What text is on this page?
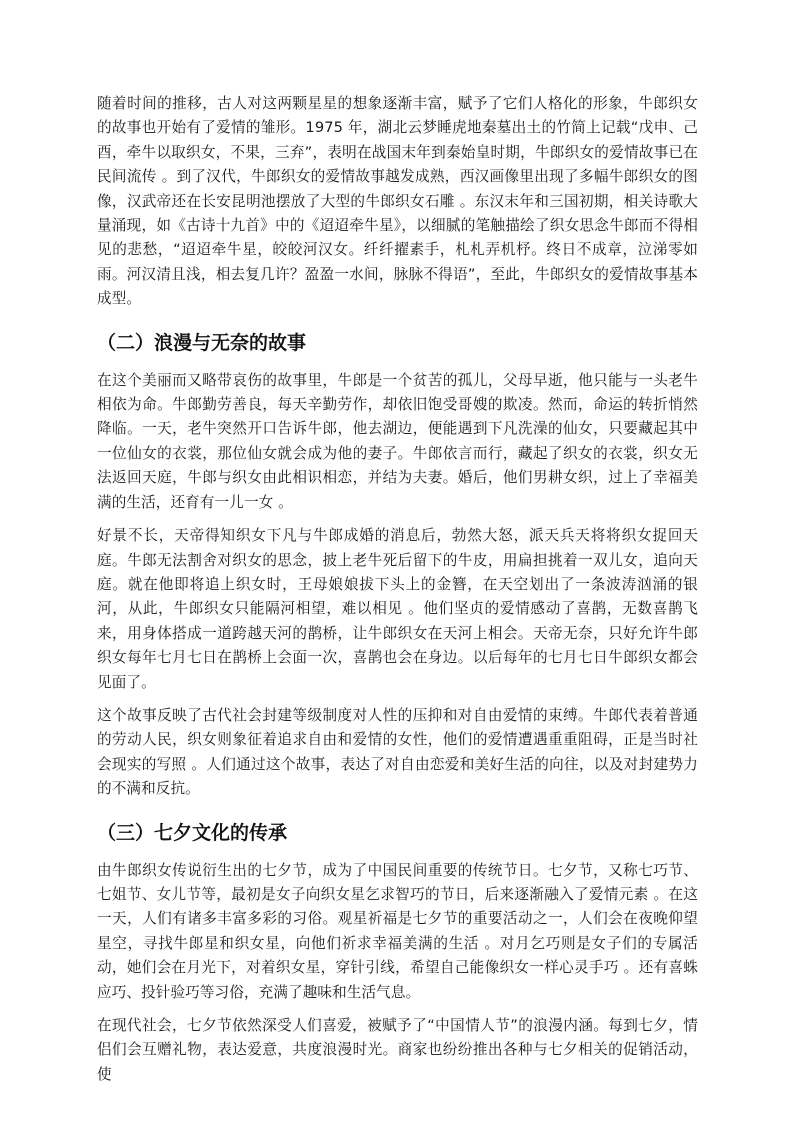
随着时间的推移，古人对这两颗星星的想象逐渐丰富，赋予了它们人格化的形象，牛郎织女的故事也开始有了爱情的雏形。1975 年，湖北云梦睡虎地秦墓出土的竹简上记载“戊申、己酉，牵牛以取织女，不果，三弃”，表明在战国末年到秦始皇时期，牛郎织女的爱情故事已在民间流传 。到了汉代，牛郎织女的爱情故事越发成熟，西汉画像里出现了多幅牛郎织女的图像，汉武帝还在长安昆明池摆放了大型的牛郎织女石雕 。东汉末年和三国初期，相关诗歌大量涌现，如《古诗十九首》中的《迢迢牵牛星》，以细腻的笔触描绘了织女思念牛郎而不得相见的悲愁，“迢迢牵牛星，皎皎河汉女。纤纤擢素手，札札弄机杼。终日不成章，泣涕零如雨。河汉清且浅，相去复几许？盈盈一水间，脉脉不得语”，至此，牛郎织女的爱情故事基本成型。

（二）浪漫与无奈的故事

在这个美丽而又略带哀伤的故事里，牛郎是一个贫苦的孤儿，父母早逝，他只能与一头老牛相依为命。牛郎勤劳善良，每天辛勤劳作，却依旧饱受哥嫂的欺凌。然而，命运的转折悄然降临。一天，老牛突然开口告诉牛郎，他去湖边，便能遇到下凡洗澡的仙女，只要藏起其中一位仙女的衣裳，那位仙女就会成为他的妻子。牛郎依言而行，藏起了织女的衣裳，织女无法返回天庭，牛郎与织女由此相识相恋，并结为夫妻。婚后，他们男耕女织，过上了幸福美满的生活，还育有一儿一女 。

好景不长，天帝得知织女下凡与牛郎成婚的消息后，勃然大怒，派天兵天将将织女捉回天庭。牛郎无法割舍对织女的思念，披上老牛死后留下的牛皮，用扁担挑着一双儿女，追向天庭。就在他即将追上织女时，王母娘娘拔下头上的金簪，在天空划出了一条波涛汹涌的银河，从此，牛郎织女只能隔河相望，难以相见 。他们坚贞的爱情感动了喜鹊，无数喜鹊飞来，用身体搭成一道跨越天河的鹊桥，让牛郎织女在天河上相会。天帝无奈，只好允许牛郎织女每年七月七日在鹊桥上会面一次，喜鹊也会在身边。以后每年的七月七日牛郎织女都会见面了。

这个故事反映了古代社会封建等级制度对人性的压抑和对自由爱情的束缚。牛郎代表着普通的劳动人民，织女则象征着追求自由和爱情的女性，他们的爱情遭遇重重阻碍，正是当时社会现实的写照 。人们通过这个故事，表达了对自由恋爱和美好生活的向往，以及对封建势力的不满和反抗。

（三）七夕文化的传承

由牛郎织女传说衍生出的七夕节，成为了中国民间重要的传统节日。七夕节，又称七巧节、七姐节、女儿节等，最初是女子向织女星乞求智巧的节日，后来逐渐融入了爱情元素 。在这一天，人们有诸多丰富多彩的习俗。观星祈福是七夕节的重要活动之一，人们会在夜晚仰望星空，寻找牛郎星和织女星，向他们祈求幸福美满的生活 。对月乞巧则是女子们的专属活动，她们会在月光下，对着织女星，穿针引线，希望自己能像织女一样心灵手巧 。还有喜蛛应巧、投针验巧等习俗，充满了趣味和生活气息。

在现代社会，七夕节依然深受人们喜爱，被赋予了“中国情人节”的浪漫内涵。每到七夕，情侣们会互赠礼物，表达爱意，共度浪漫时光。商家也纷纷推出各种与七夕相关的促销活动，使
